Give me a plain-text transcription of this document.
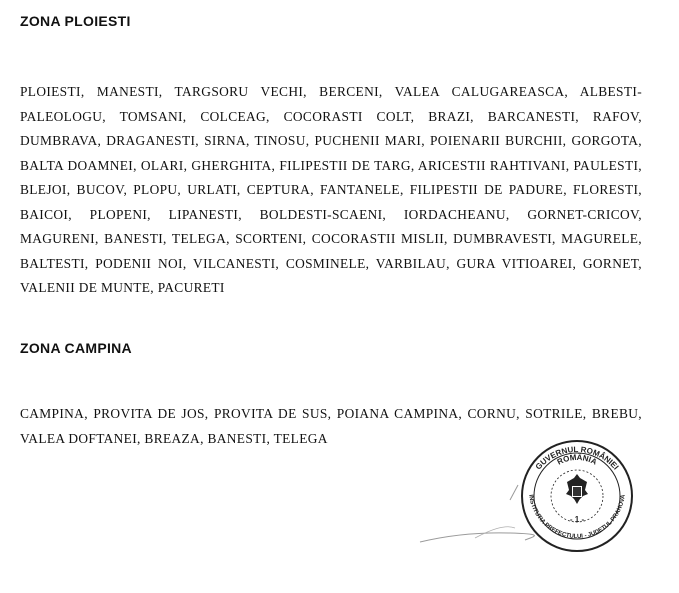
ZONA PLOIESTI

PLOIESTI, MANESTI, TARGSORU VECHI, BERCENI, VALEA CALUGAREASCA, ALBESTI-PALEOLOGU, TOMSANI, COLCEAG, COCORASTI COLT, BRAZI, BARCANESTI, RAFOV, DUMBRAVA, DRAGANESTI, SIRNA, TINOSU, PUCHENII MARI, POIENARII BURCHII, GORGOTA, BALTA DOAMNEI, OLARI, GHERGHITA, FILIPESTII DE TARG, ARICESTII RAHTIVANI, PAULESTI, BLEJOI, BUCOV, PLOPU, URLATI, CEPTURA, FANTANELE, FILIPESTII DE PADURE, FLORESTI, BAICOI, PLOPENI, LIPANESTI, BOLDESTI-SCAENI, IORDACHEANU, GORNET-CRICOV, MAGURENI, BANESTI, TELEGA, SCORTENI, COCORASTII MISLII, DUMBRAVESTI, MAGURELE, BALTESTI, PODENII NOI, VILCANESTI, COSMINELE, VARBILAU, GURA VITIOAREI, GORNET, VALENII DE MUNTE, PACURETI

ZONA CAMPINA

CAMPINA, PROVITA DE JOS, PROVITA DE SUS, POIANA CAMPINA, CORNU, SOTRILE, BREBU, VALEA DOFTANEI, BREAZA, BANESTI, TELEGA

ROMÂNIA
GUVERNUL ROMÂNIEI
INSTITUTIA PREFECTULUI - JUDETUL PRAHOVA
- 1 -
